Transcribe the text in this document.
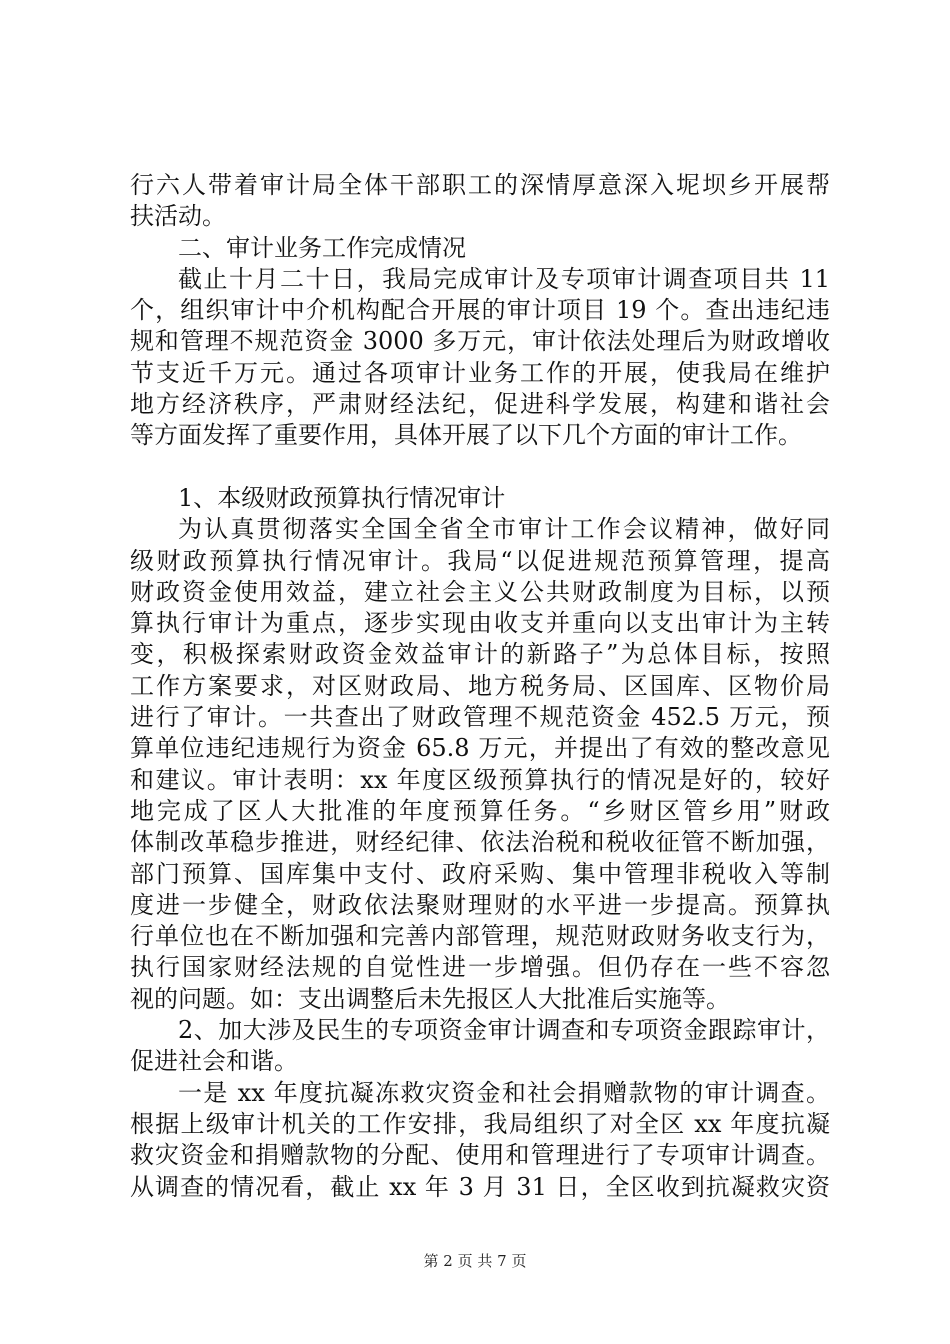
行六人带着审计局全体干部职工的深情厚意深入坭坝乡开展帮
扶活动。
二、审计业务工作完成情况
截止十月二十日，我局完成审计及专项审计调查项目共 11
个，组织审计中介机构配合开展的审计项目 19 个。查出违纪违
规和管理不规范资金 3000 多万元，审计依法处理后为财政增收
节支近千万元。通过各项审计业务工作的开展，使我局在维护
地方经济秩序，严肃财经法纪，促进科学发展，构建和谐社会
等方面发挥了重要作用，具体开展了以下几个方面的审计工作。
1、本级财政预算执行情况审计
为认真贯彻落实全国全省全市审计工作会议精神，做好同
级财政预算执行情况审计。我局“以促进规范预算管理，提高
财政资金使用效益，建立社会主义公共财政制度为目标，以预
算执行审计为重点，逐步实现由收支并重向以支出审计为主转
变，积极探索财政资金效益审计的新路子”为总体目标，按照
工作方案要求，对区财政局、地方税务局、区国库、区物价局
进行了审计。一共查出了财政管理不规范资金 452.5 万元，预
算单位违纪违规行为资金 65.8 万元，并提出了有效的整改意见
和建议。审计表明：xx 年度区级预算执行的情况是好的，较好
地完成了区人大批准的年度预算任务。“乡财区管乡用”财政
体制改革稳步推进，财经纪律、依法治税和税收征管不断加强，
部门预算、国库集中支付、政府采购、集中管理非税收入等制
度进一步健全，财政依法聚财理财的水平进一步提高。预算执
行单位也在不断加强和完善内部管理，规范财政财务收支行为，
执行国家财经法规的自觉性进一步增强。但仍存在一些不容忽
视的问题。如：支出调整后未先报区人大批准后实施等。
2、加大涉及民生的专项资金审计调查和专项资金跟踪审计，
促进社会和谐。
一是 xx 年度抗凝冻救灾资金和社会捐赠款物的审计调查。
根据上级审计机关的工作安排，我局组织了对全区 xx 年度抗凝
救灾资金和捐赠款物的分配、使用和管理进行了专项审计调查。
从调查的情况看，截止 xx 年 3 月 31 日，全区收到抗凝救灾资
第 2 页 共 7 页
